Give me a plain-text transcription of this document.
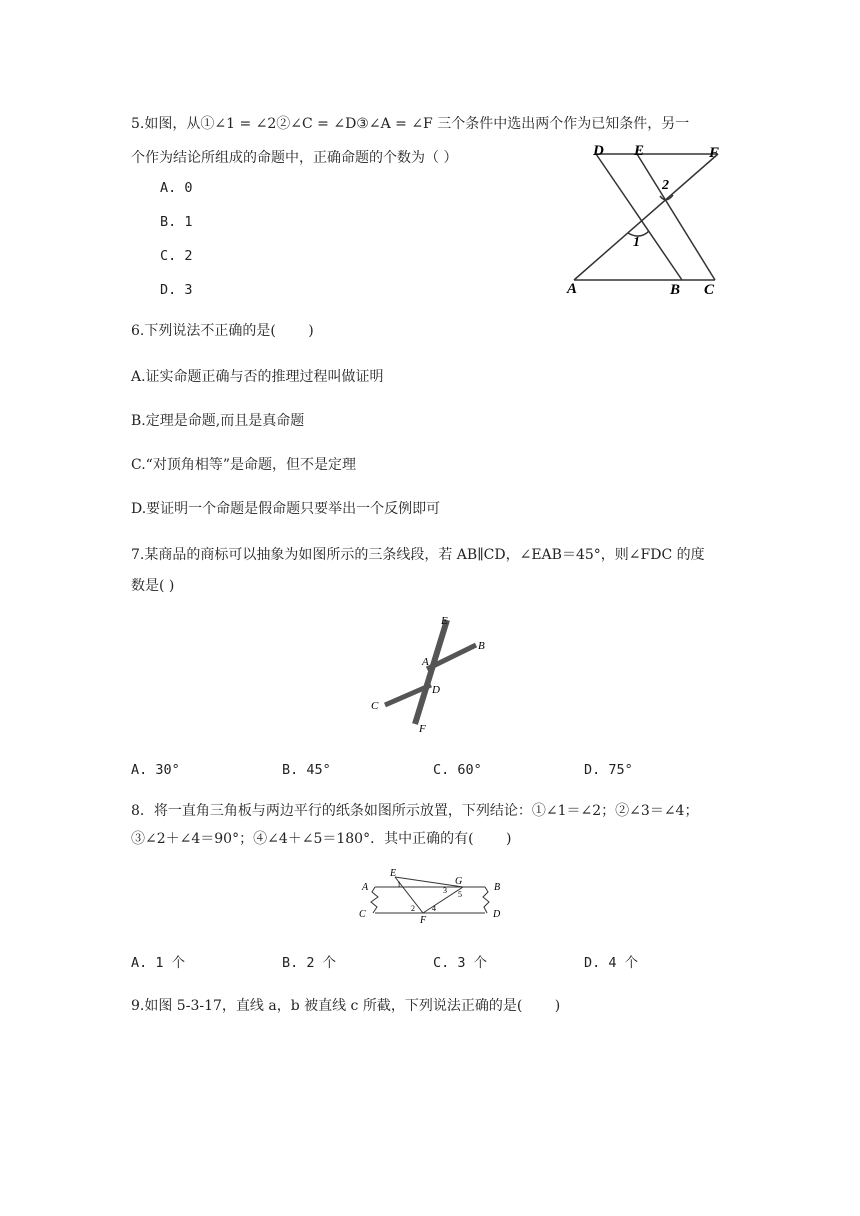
5.如图，从①∠1 = ∠2②∠C = ∠D③∠A = ∠F 三个条件中选出两个作为已知条件，另一
个作为结论所组成的命题中，正确命题的个数为（ ）
A. 0
B. 1
C. 2
D. 3
D E	F
2
1
A	B C
6.下列说法不正确的是(　　 )
A.证实命题正确与否的推理过程叫做证明
B.定理是命题,而且是真命题
C.“对顶角相等”是命题，但不是定理
D.要证明一个命题是假命题只要举出一个反例即可
7.某商品的商标可以抽象为如图所示的三条线段，若 AB∥CD，∠EAB＝45°，则∠FDC 的度
数是( )
E
B
A
D
C
F
A. 30°	B. 45°	C. 60°	D. 75°
8．将一直角三角板与两边平行的纸条如图所示放置，下列结论：①∠1＝∠2；②∠3＝∠4；
③∠2＋∠4＝90°；④∠4＋∠5＝180°．其中正确的有(　　 )
E
A
G
B
C
F
D
1
2
3
4
5
A. 1 个	B. 2 个	C. 3 个	D. 4 个
9.如图 5-3-17，直线 a，b 被直线 c 所截，下列说法正确的是(　　 )
